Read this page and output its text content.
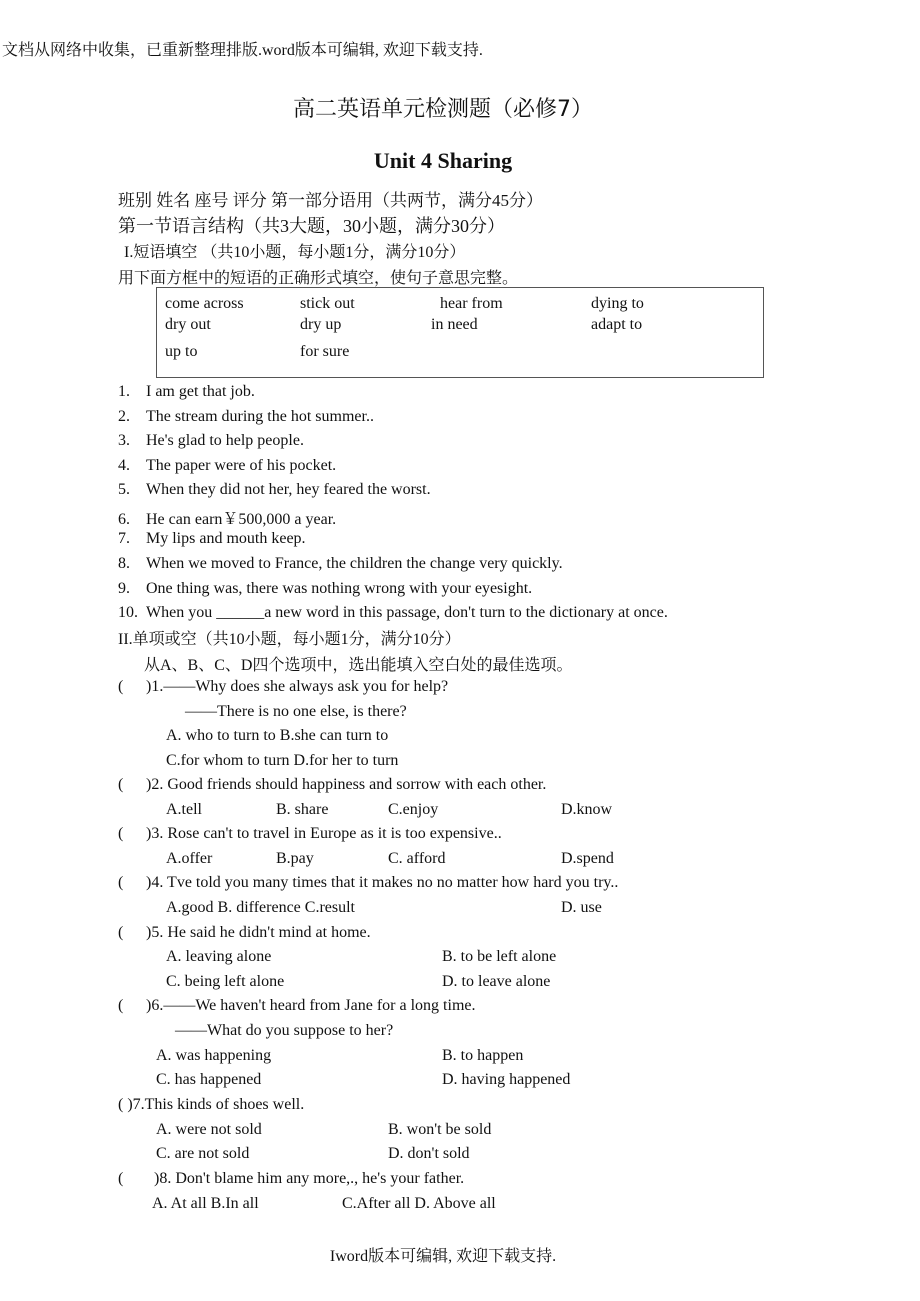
文档从网络中收集，已重新整理排版.word版本可编辑, 欢迎下载支持.
高二英语单元检测题（必修7）
Unit 4 Sharing
班别 姓名 座号 评分 第一部分语用（共两节，满分45分）
第一节语言结构（共3大题，30小题，满分30分）
I.短语填空 （共10小题，每小题1分，满分10分）
用下面方框中的短语的正确形式填空，使句子意思完整。
come across	stick out	hear from	dying to
dry out	dry up	in need	adapt to
up to	for sure
1. I am get that job.
2. The stream during the hot summer..
3. He's glad to help people.
4. The paper were of his pocket.
5. When they did not her, hey feared the worst.
6. He can earn￥500,000 a year.
7. My lips and mouth keep.
8. When we moved to France, the children the change very quickly.
9. One thing was, there was nothing wrong with your eyesight.
10. When you ______a new word in this passage, don't turn to the dictionary at once.
II.单项或空（共10小题，每小题1分，满分10分）
从A、B、C、D四个选项中，选出能填入空白处的最佳选项。
( )1.——Why does she always ask you for help?
——There is no one else, is there?
A. who to turn to B.she can turn to
C.for whom to turn D.for her to turn
( )2. Good friends should happiness and sorrow with each other.
A.tell	B. share	C.enjoy	D.know
( )3. Rose can't to travel in Europe as it is too expensive..
A.offer	B.pay	C. afford	D.spend
( )4. Tve told you many times that it makes no no matter how hard you try..
A.good B. difference C.result	D. use
( )5. He said he didn't mind at home.
A. leaving alone	B. to be left alone
C. being left alone	D. to leave alone
( )6.——We haven't heard from Jane for a long time.
——What do you suppose to her?
A. was happening	B. to happen
C. has happened	D. having happened
( )7.This kinds of shoes well.
A. were not sold	B. won't be sold
C. are not sold	D. don't sold
( )8. Don't blame him any more,., he's your father.
A. At all B.In all	C.After all D. Above all
Iword版本可编辑, 欢迎下载支持.
